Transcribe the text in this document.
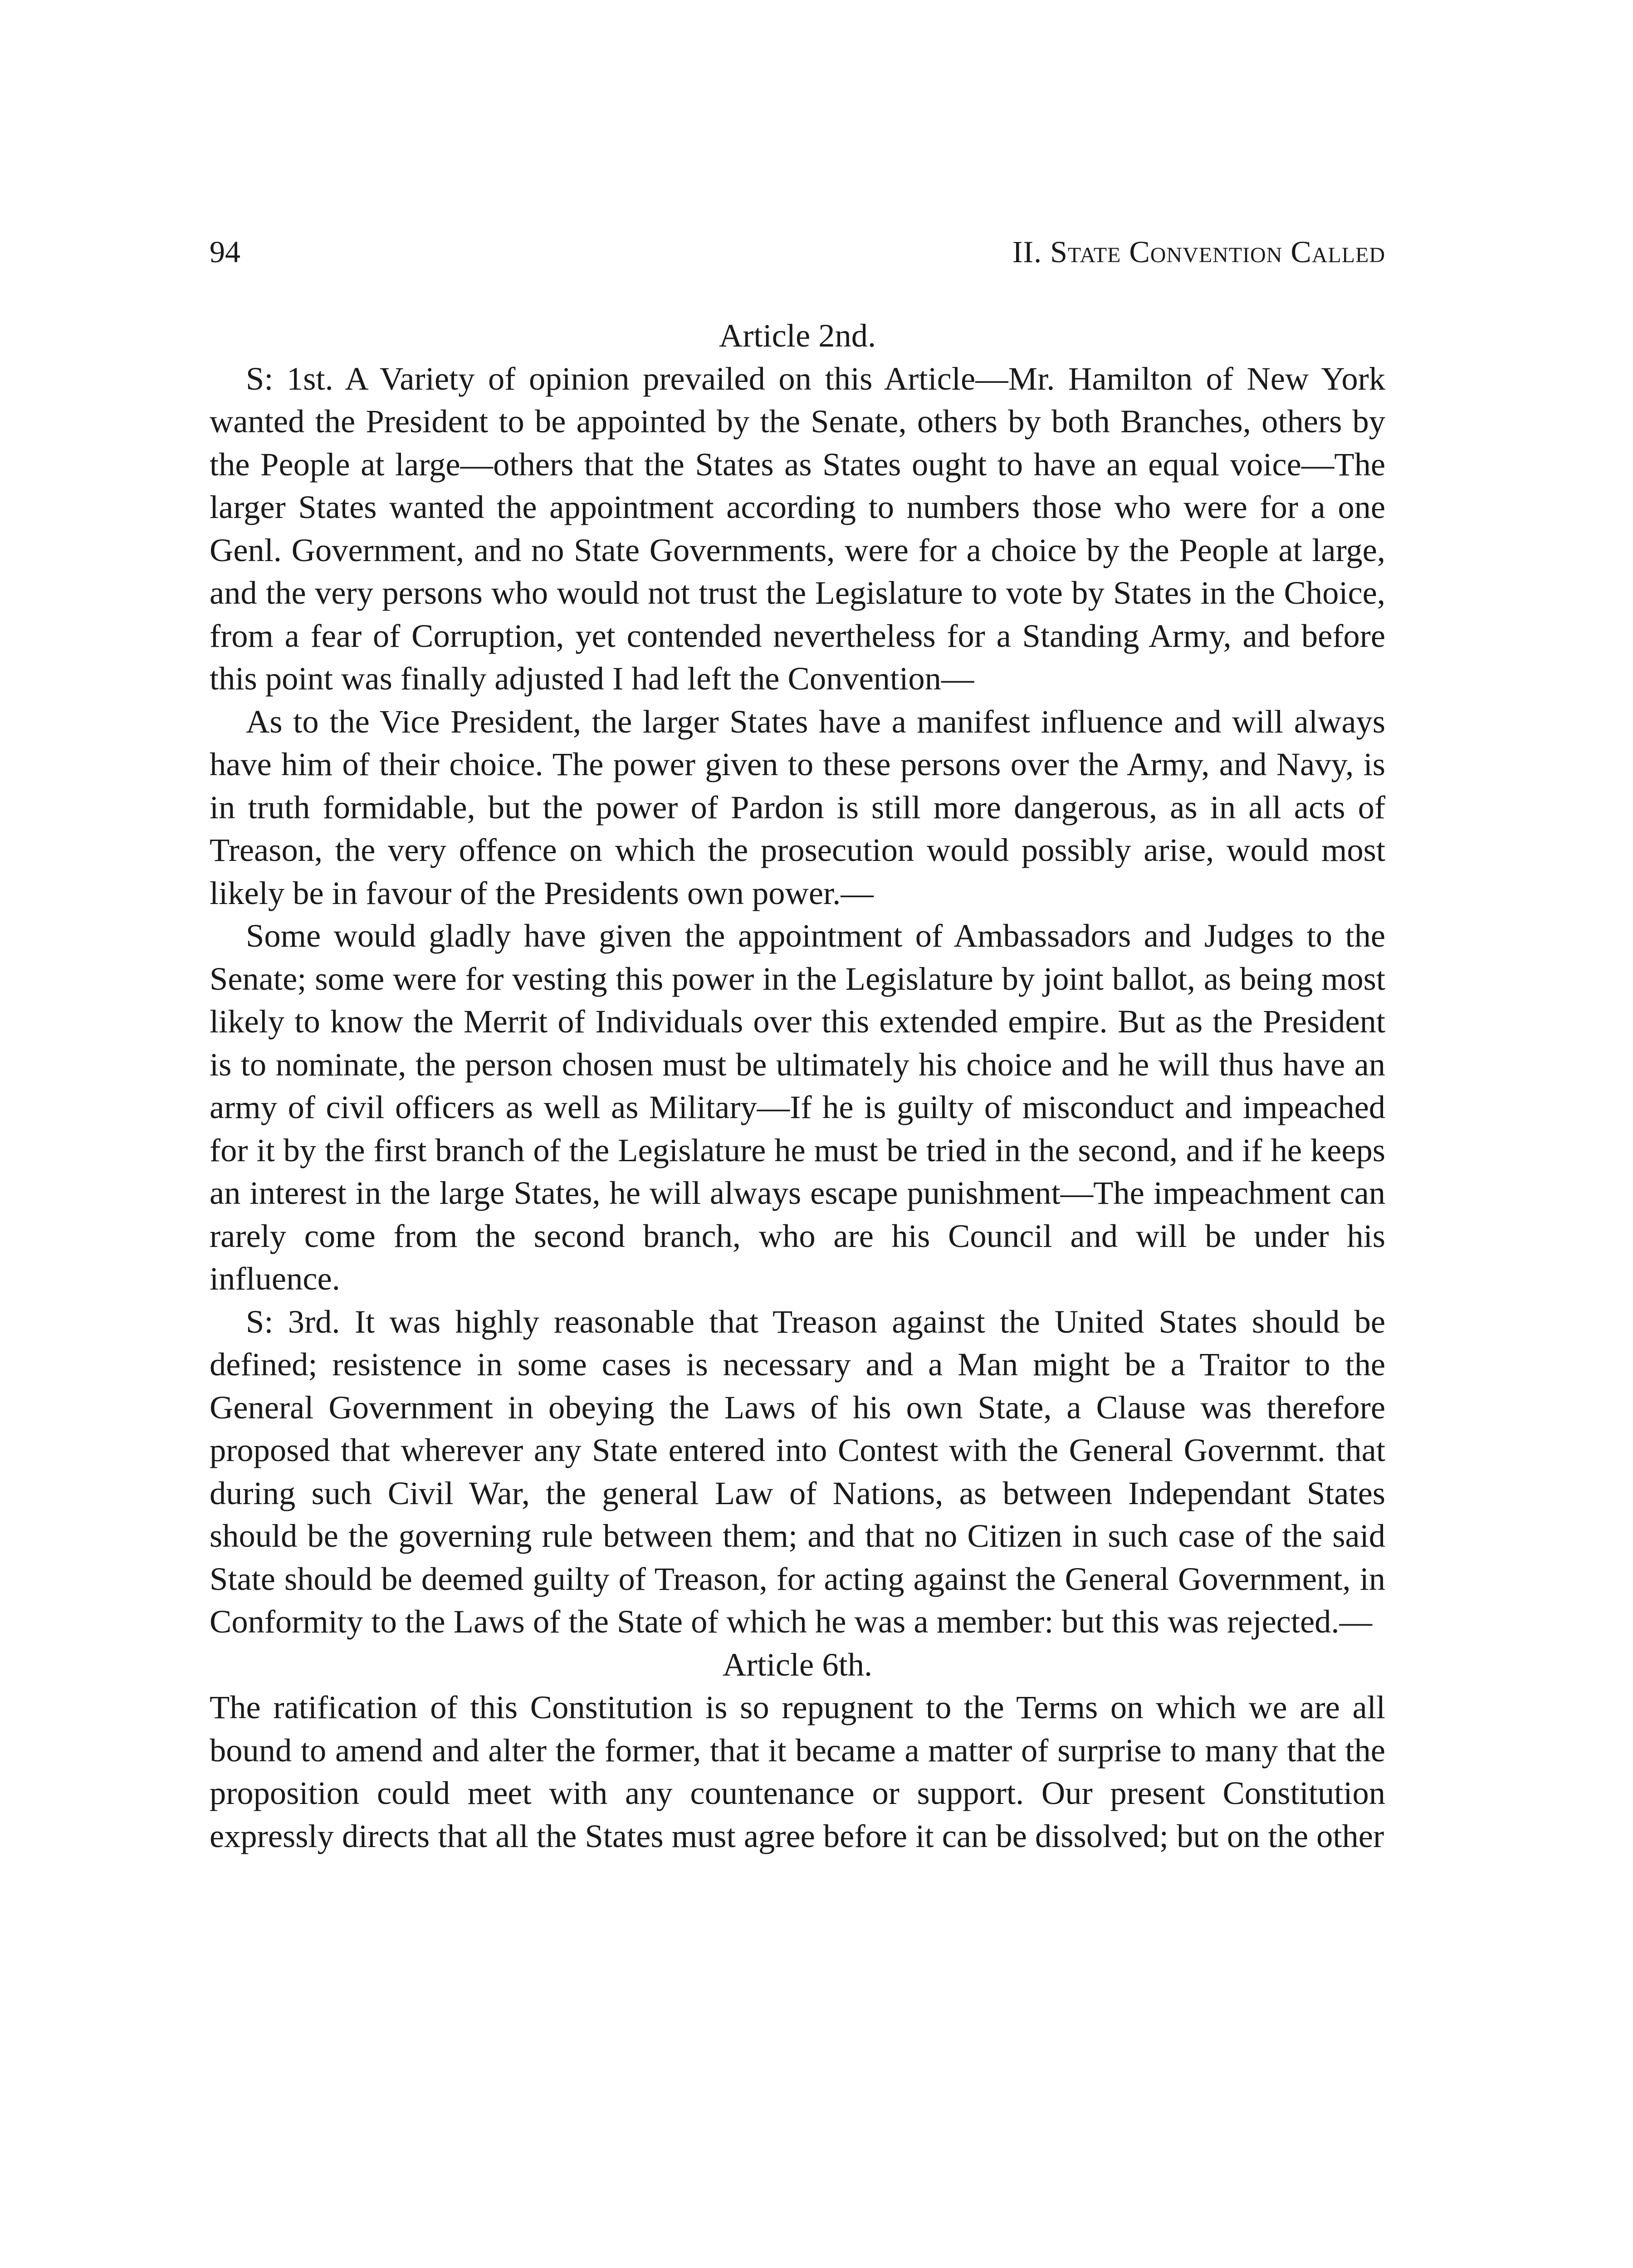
94	II. State Convention Called
Article 2nd.

S: 1st. A Variety of opinion prevailed on this Article—Mr. Hamilton of New York wanted the President to be appointed by the Senate, others by both Branches, others by the People at large—others that the States as States ought to have an equal voice—The larger States wanted the appointment according to numbers those who were for a one Genl. Government, and no State Governments, were for a choice by the People at large, and the very persons who would not trust the Legislature to vote by States in the Choice, from a fear of Corruption, yet contended nevertheless for a Standing Army, and before this point was finally adjusted I had left the Convention—

As to the Vice President, the larger States have a manifest influence and will always have him of their choice. The power given to these persons over the Army, and Navy, is in truth formidable, but the power of Pardon is still more dangerous, as in all acts of Treason, the very offence on which the prosecution would possibly arise, would most likely be in favour of the Presidents own power.—

Some would gladly have given the appointment of Ambassadors and Judges to the Senate; some were for vesting this power in the Legislature by joint ballot, as being most likely to know the Merrit of Individuals over this extended empire. But as the President is to nominate, the person chosen must be ultimately his choice and he will thus have an army of civil officers as well as Military—If he is guilty of misconduct and impeached for it by the first branch of the Legislature he must be tried in the second, and if he keeps an interest in the large States, he will always escape punishment—The impeachment can rarely come from the second branch, who are his Council and will be under his influence.

S: 3rd. It was highly reasonable that Treason against the United States should be defined; resistence in some cases is necessary and a Man might be a Traitor to the General Government in obeying the Laws of his own State, a Clause was therefore proposed that wherever any State entered into Contest with the General Governmt. that during such Civil War, the general Law of Nations, as between Independant States should be the governing rule between them; and that no Citizen in such case of the said State should be deemed guilty of Treason, for acting against the General Government, in Conformity to the Laws of the State of which he was a member: but this was rejected.—

Article 6th.

The ratification of this Constitution is so repugnent to the Terms on which we are all bound to amend and alter the former, that it became a matter of surprise to many that the proposition could meet with any countenance or support. Our present Constitution expressly directs that all the States must agree before it can be dissolved; but on the other
